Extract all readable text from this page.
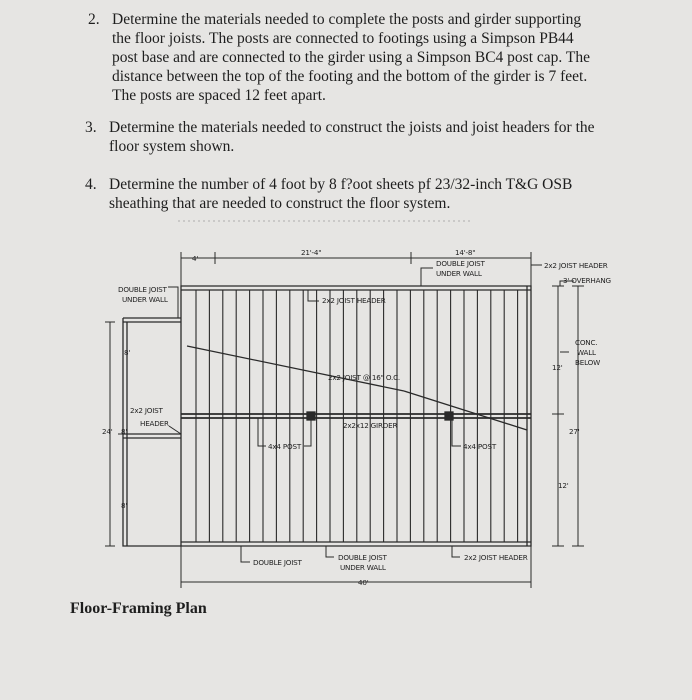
2. Determine the materials needed to complete the posts and girder supporting
the floor joists. The posts are connected to footings using a Simpson PB44
post base and are connected to the girder using a Simpson BC4 post cap. The
distance between the top of the footing and the bottom of the girder is 7 feet.
The posts are spaced 12 feet apart.
3. Determine the materials needed to construct the joists and joist headers for the
floor system shown.
4. Determine the number of 4 foot by 8 f?oot sheets pf 23/32-inch T&G OSB
sheathing that are needed to construct the floor system.
4'
21'-4"	14'-8"
DOUBLE JOIST
UNDER WALL
DOUBLE JOIST
UNDER WALL
2x2 JOIST HEADER
3' OVERHANG
2x2 JOIST HEADER
CONC.
WALL
BELOW
2x2 JOIST @ 16" O.C.
2x2x12 GIRDER
2x2 JOIST
HEADER
8'
8'
8'
24'
12'
12'
27'
4x4 POST	4x4 POST
DOUBLE JOIST
DOUBLE JOIST
UNDER WALL
40'
2x2 JOIST HEADER
Floor-Framing Plan
